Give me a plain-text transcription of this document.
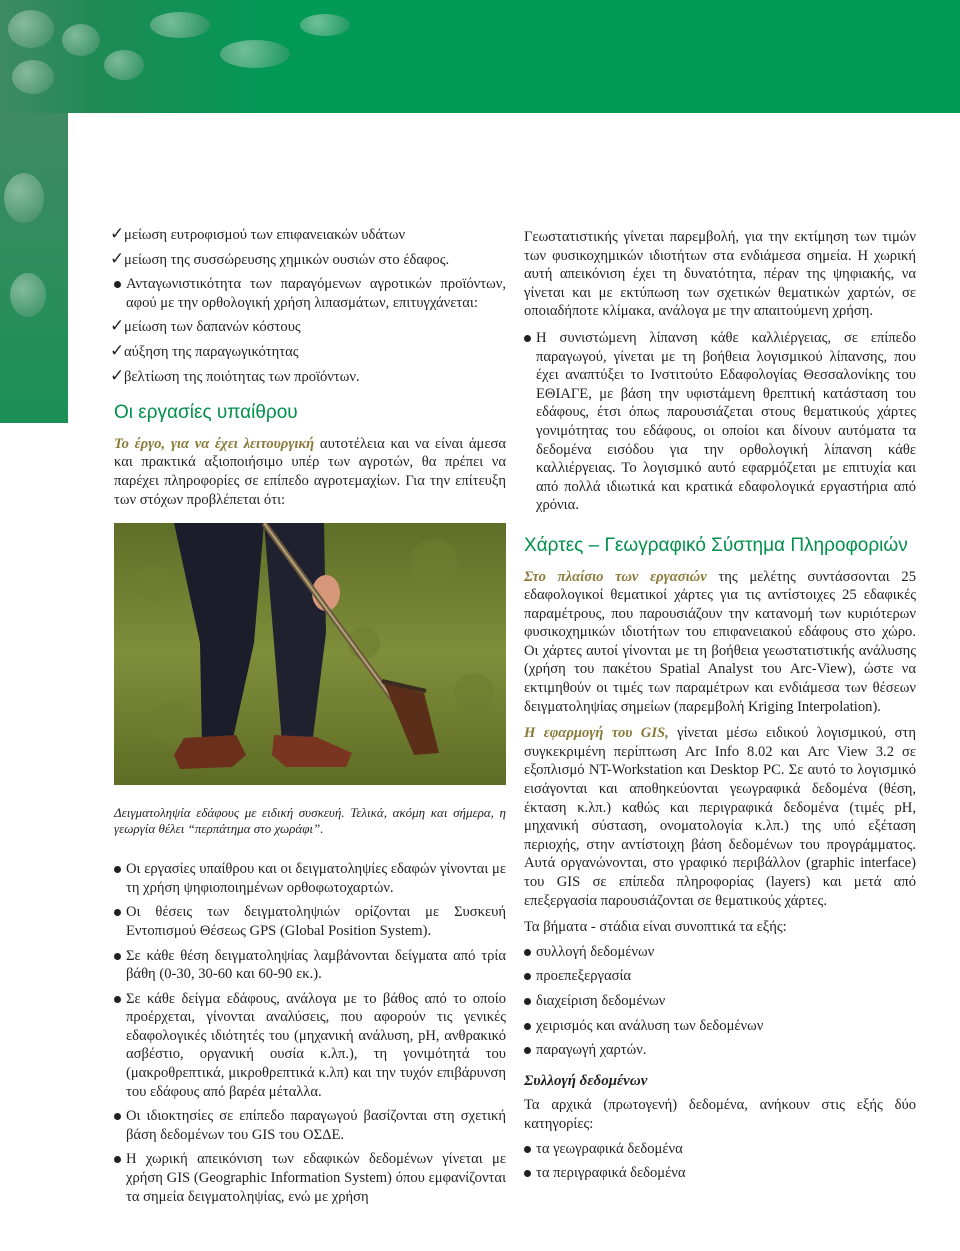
✓ μείωση ευτροφισμού των επιφανειακών υδάτων
✓ μείωση της συσσώρευσης χημικών ουσιών στο έδαφος.

Ανταγωνιστικότητα των παραγόμενων αγροτικών προϊόντων, αφού με την ορθολογική χρήση λιπασμάτων, επιτυγχάνεται:

✓ μείωση των δαπανών κόστους
✓ αύξηση της παραγωγικότητας
✓ βελτίωση της ποιότητας των προϊόντων.
Οι εργασίες υπαίθρου

Το έργο, για να έχει λειτουργική αυτοτέλεια και να είναι άμεσα και πρακτικά αξιοποιήσιμο υπέρ των αγροτών, θα πρέπει να παρέχει πληροφορίες σε επίπεδο αγροτεμαχίων. Για την επίτευξη των στόχων προβλέπεται ότι:

Δειγματοληψία εδάφους με ειδική συσκευή. Τελικά, ακόμη και σήμερα, η γεωργία θέλει “περπάτημα στο χωράφι”.

Οι εργασίες υπαίθρου και οι δειγματοληψίες εδαφών γίνονται με τη χρήση ψηφιοποιημένων ορθοφωτοχαρτών.

Οι θέσεις των δειγματοληψιών ορίζονται με Συσκευή Εντοπισμού Θέσεως GPS (Global Position System).

Σε κάθε θέση δειγματοληψίας λαμβάνονται δείγματα από τρία βάθη (0-30, 30-60 και 60-90 εκ.).

Σε κάθε δείγμα εδάφους, ανάλογα με το βάθος από το οποίο προέρχεται, γίνονται αναλύσεις, που αφορούν τις γενικές εδαφολογικές ιδιότητές του (μηχανική ανάλυση, pH, ανθρακικό ασβέστιο, οργανική ουσία κ.λπ.), τη γονιμότητά του (μακροθρεπτικά, μικροθρεπτικά κ.λπ) και την τυχόν επιβάρυνση του εδάφους από βαρέα μέταλλα.

Οι ιδιοκτησίες σε επίπεδο παραγωγού βασίζονται στη σχετική βάση δεδομένων του GIS του ΟΣΔΕ.

Η χωρική απεικόνιση των εδαφικών δεδομένων γίνεται με χρήση GIS (Geographic Information System) όπου εμφανίζονται τα σημεία δειγματοληψίας, ενώ με χρήση

Γεωστατιστικής γίνεται παρεμβολή, για την εκτίμηση των τιμών των φυσικοχημικών ιδιοτήτων στα ενδιάμεσα σημεία. Η χωρική αυτή απεικόνιση έχει τη δυνατότητα, πέραν της ψηφιακής, να γίνεται και με εκτύπωση των σχετικών θεματικών χαρτών, σε οποιαδήποτε κλίμακα, ανάλογα με την απαιτούμενη χρήση.

Η συνιστώμενη λίπανση κάθε καλλιέργειας, σε επίπεδο παραγωγού, γίνεται με τη βοήθεια λογισμικού λίπανσης, που έχει αναπτύξει το Ινστιτούτο Εδαφολογίας Θεσσαλονίκης του ΕΘΙΑΓΕ, με βάση την υφιστάμενη θρεπτική κατάσταση του εδάφους, έτσι όπως παρουσιάζεται στους θεματικούς χάρτες γονιμότητας του εδάφους, οι οποίοι και δίνουν αυτόματα τα δεδομένα εισόδου για την ορθολογική λίπανση κάθε καλλιέργειας. Το λογισμικό αυτό εφαρμόζεται με επιτυχία και από πολλά ιδιωτικά και κρατικά εδαφολογικά εργαστήρια από χρόνια.

Χάρτες – Γεωγραφικό Σύστημα Πληροφοριών

Στο πλαίσιο των εργασιών της μελέτης συντάσσονται 25 εδαφολογικοί θεματικοί χάρτες για τις αντίστοιχες 25 εδαφικές παραμέτρους, που παρουσιάζουν την κατανομή των κυριότερων φυσικοχημικών ιδιοτήτων του επιφανειακού εδάφους στο χώρο. Οι χάρτες αυτοί γίνονται με τη βοήθεια γεωστατιστικής ανάλυσης (χρήση του πακέτου Spatial Analyst του Arc-View), ώστε να εκτιμηθούν οι τιμές των παραμέτρων και ενδιάμεσα των θέσεων δειγματοληψίας σημείων (παρεμβολή Kriging Interpolation).

Η εφαρμογή του GIS, γίνεται μέσω ειδικού λογισμικού, στη συγκεκριμένη περίπτωση Arc Info 8.02 και Arc View 3.2 σε εξοπλισμό NT-Workstation και Desktop PC. Σε αυτό το λογισμικό εισάγονται και αποθηκεύονται γεωγραφικά δεδομένα (θέση, έκταση κ.λπ.) καθώς και περιγραφικά δεδομένα (τιμές pH, μηχανική σύσταση, ονοματολογία κ.λπ.) της υπό εξέταση περιοχής, στην αντίστοιχη βάση δεδομένων του προγράμματος. Αυτά οργανώνονται, στο γραφικό περιβάλλον (graphic interface) του GIS σε επίπεδα πληροφορίας (layers) και μετά από επεξεργασία παρουσιάζονται σε θεματικούς χάρτες.

Τα βήματα - στάδια είναι συνοπτικά τα εξής:

συλλογή δεδομένων
προεπεξεργασία
διαχείριση δεδομένων
χειρισμός και ανάλυση των δεδομένων
παραγωγή χαρτών.
Συλλογή δεδομένων

Τα αρχικά (πρωτογενή) δεδομένα, ανήκουν στις εξής δύο κατηγορίες:

τα γεωγραφικά δεδομένα
τα περιγραφικά δεδομένα
